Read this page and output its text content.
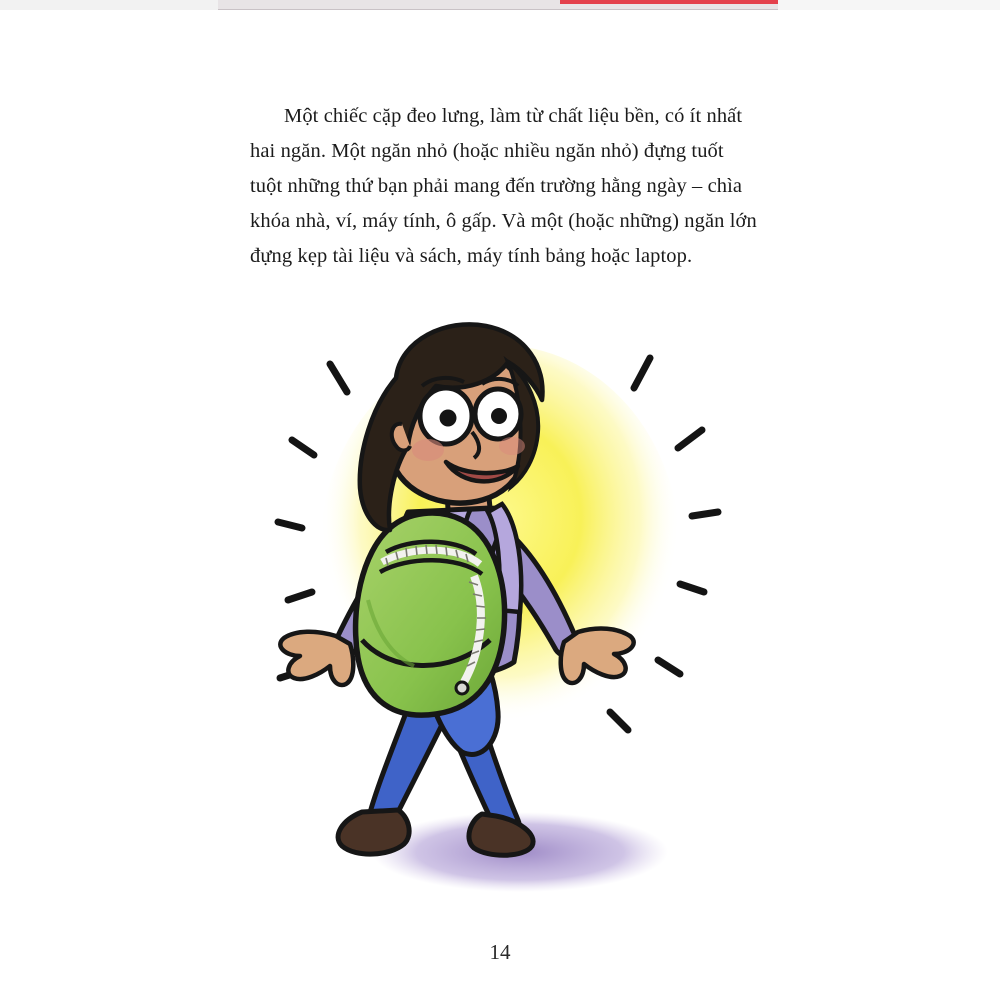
Một chiếc cặp đeo lưng, làm từ chất liệu bền, có ít nhất hai ngăn. Một ngăn nhỏ (hoặc nhiều ngăn nhỏ) đựng tuốt tuột những thứ bạn phải mang đến trường hằng ngày – chìa khóa nhà, ví, máy tính, ô gấp. Và một (hoặc những) ngăn lớn đựng kẹp tài liệu và sách, máy tính bảng hoặc laptop.

14
